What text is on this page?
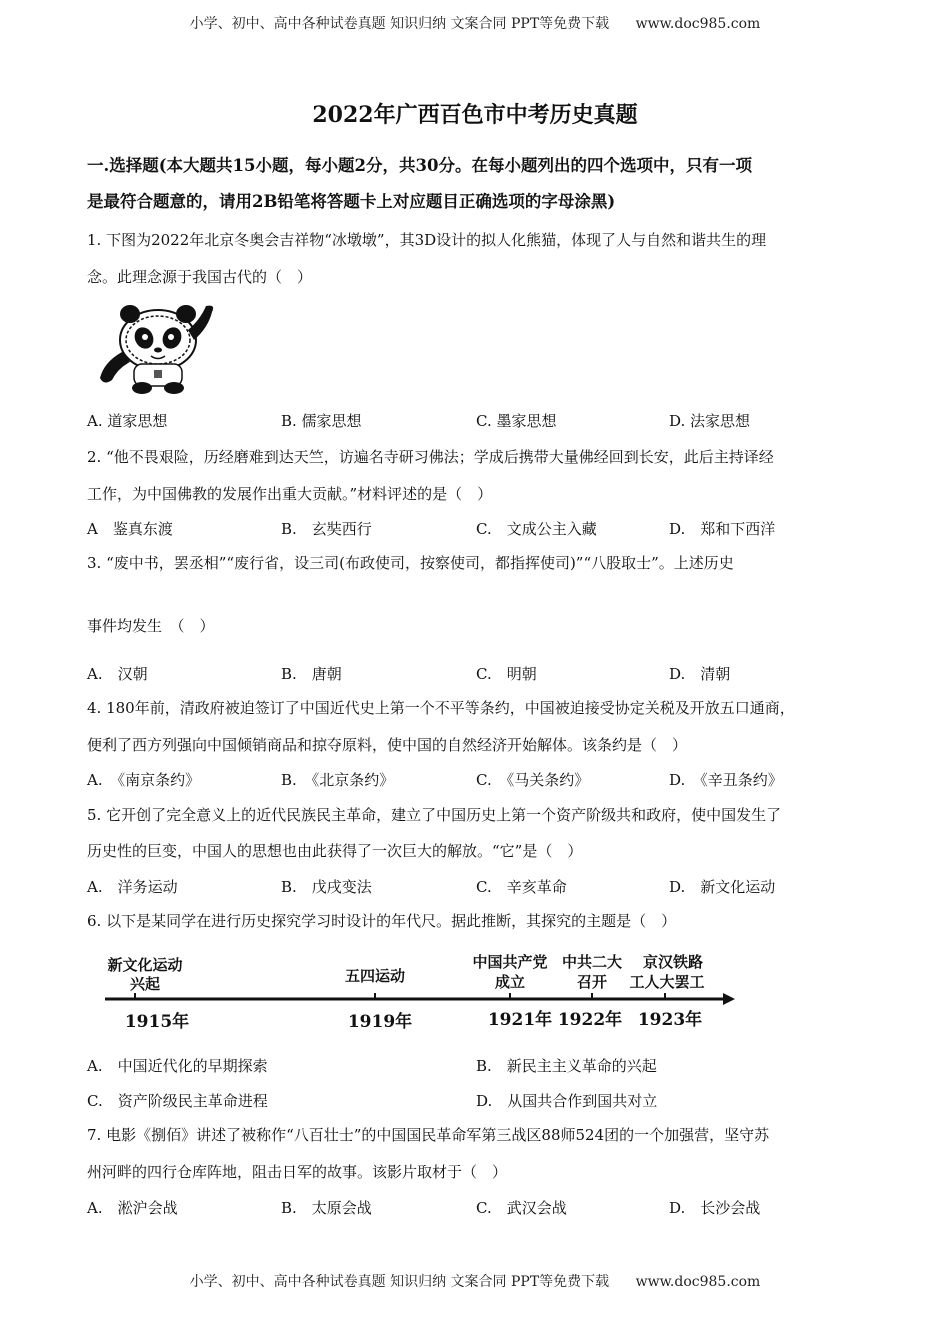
小学、初中、高中各种试卷真题 知识归纳 文案合同 PPT等免费下载 www.doc985.com
2022年广西百色市中考历史真题
一.选择题(本大题共15小题，每小题2分，共30分。在每小题列出的四个选项中，只有一项
是最符合题意的，请用2B铅笔将答题卡上对应题目正确选项的字母涂黑)
1. 下图为2022年北京冬奥会吉祥物“冰墩墩”，其3D设计的拟人化熊猫，体现了人与自然和谐共生的理
念。此理念源于我国古代的（　）
A. 道家思想	B. 儒家思想	C. 墨家思想	D. 法家思想
2. “他不畏艰险，历经磨难到达天竺，访遍名寺研习佛法；学成后携带大量佛经回到长安，此后主持译经
工作，为中国佛教的发展作出重大贡献。”材料评述的是（　）
A　鉴真东渡	B.　玄奘西行	C.　文成公主入藏	D.　郑和下西洋
3. “废中书，罢丞相”“废行省，设三司(布政使司，按察使司，都指挥使司)”“八股取士”。上述历史
事件均发生　（　）
A.　汉朝	B.　唐朝	C.　明朝	D.　清朝
4. 180年前，清政府被迫签订了中国近代史上第一个不平等条约，中国被迫接受协定关税及开放五口通商，
便利了西方列强向中国倾销商品和掠夺原料，使中国的自然经济开始解体。该条约是（　）
A.　《南京条约》	B.　《北京条约》	C.　《马关条约》	D.　《辛丑条约》
5. 它开创了完全意义上的近代民族民主革命，建立了中国历史上第一个资产阶级共和政府，使中国发生了
历史性的巨变，中国人的思想也由此获得了一次巨大的解放。“它”是（　）
A.　洋务运动	B.　戊戌变法	C.　辛亥革命	D.　新文化运动
6. 以下是某同学在进行历史探究学习时设计的年代尺。据此推断，其探究的主题是（　）
新文化运动
兴起
1915年
五四运动
1919年
中国共产党
成立
1921年
中共二大
召开
1922年
京汉铁路
工人大罢工
1923年
A.　中国近代化的早期探索	B.　新民主主义革命的兴起
C.　资产阶级民主革命进程	D.　从国共合作到国共对立
7. 电影《捌佰》讲述了被称作“八百壮士”的中国国民革命军第三战区88师524团的一个加强营，坚守苏
州河畔的四行仓库阵地，阻击日军的故事。该影片取材于（　）
A.　淞沪会战	B.　太原会战	C.　武汉会战	D.　长沙会战
小学、初中、高中各种试卷真题 知识归纳 文案合同 PPT等免费下载 www.doc985.com
